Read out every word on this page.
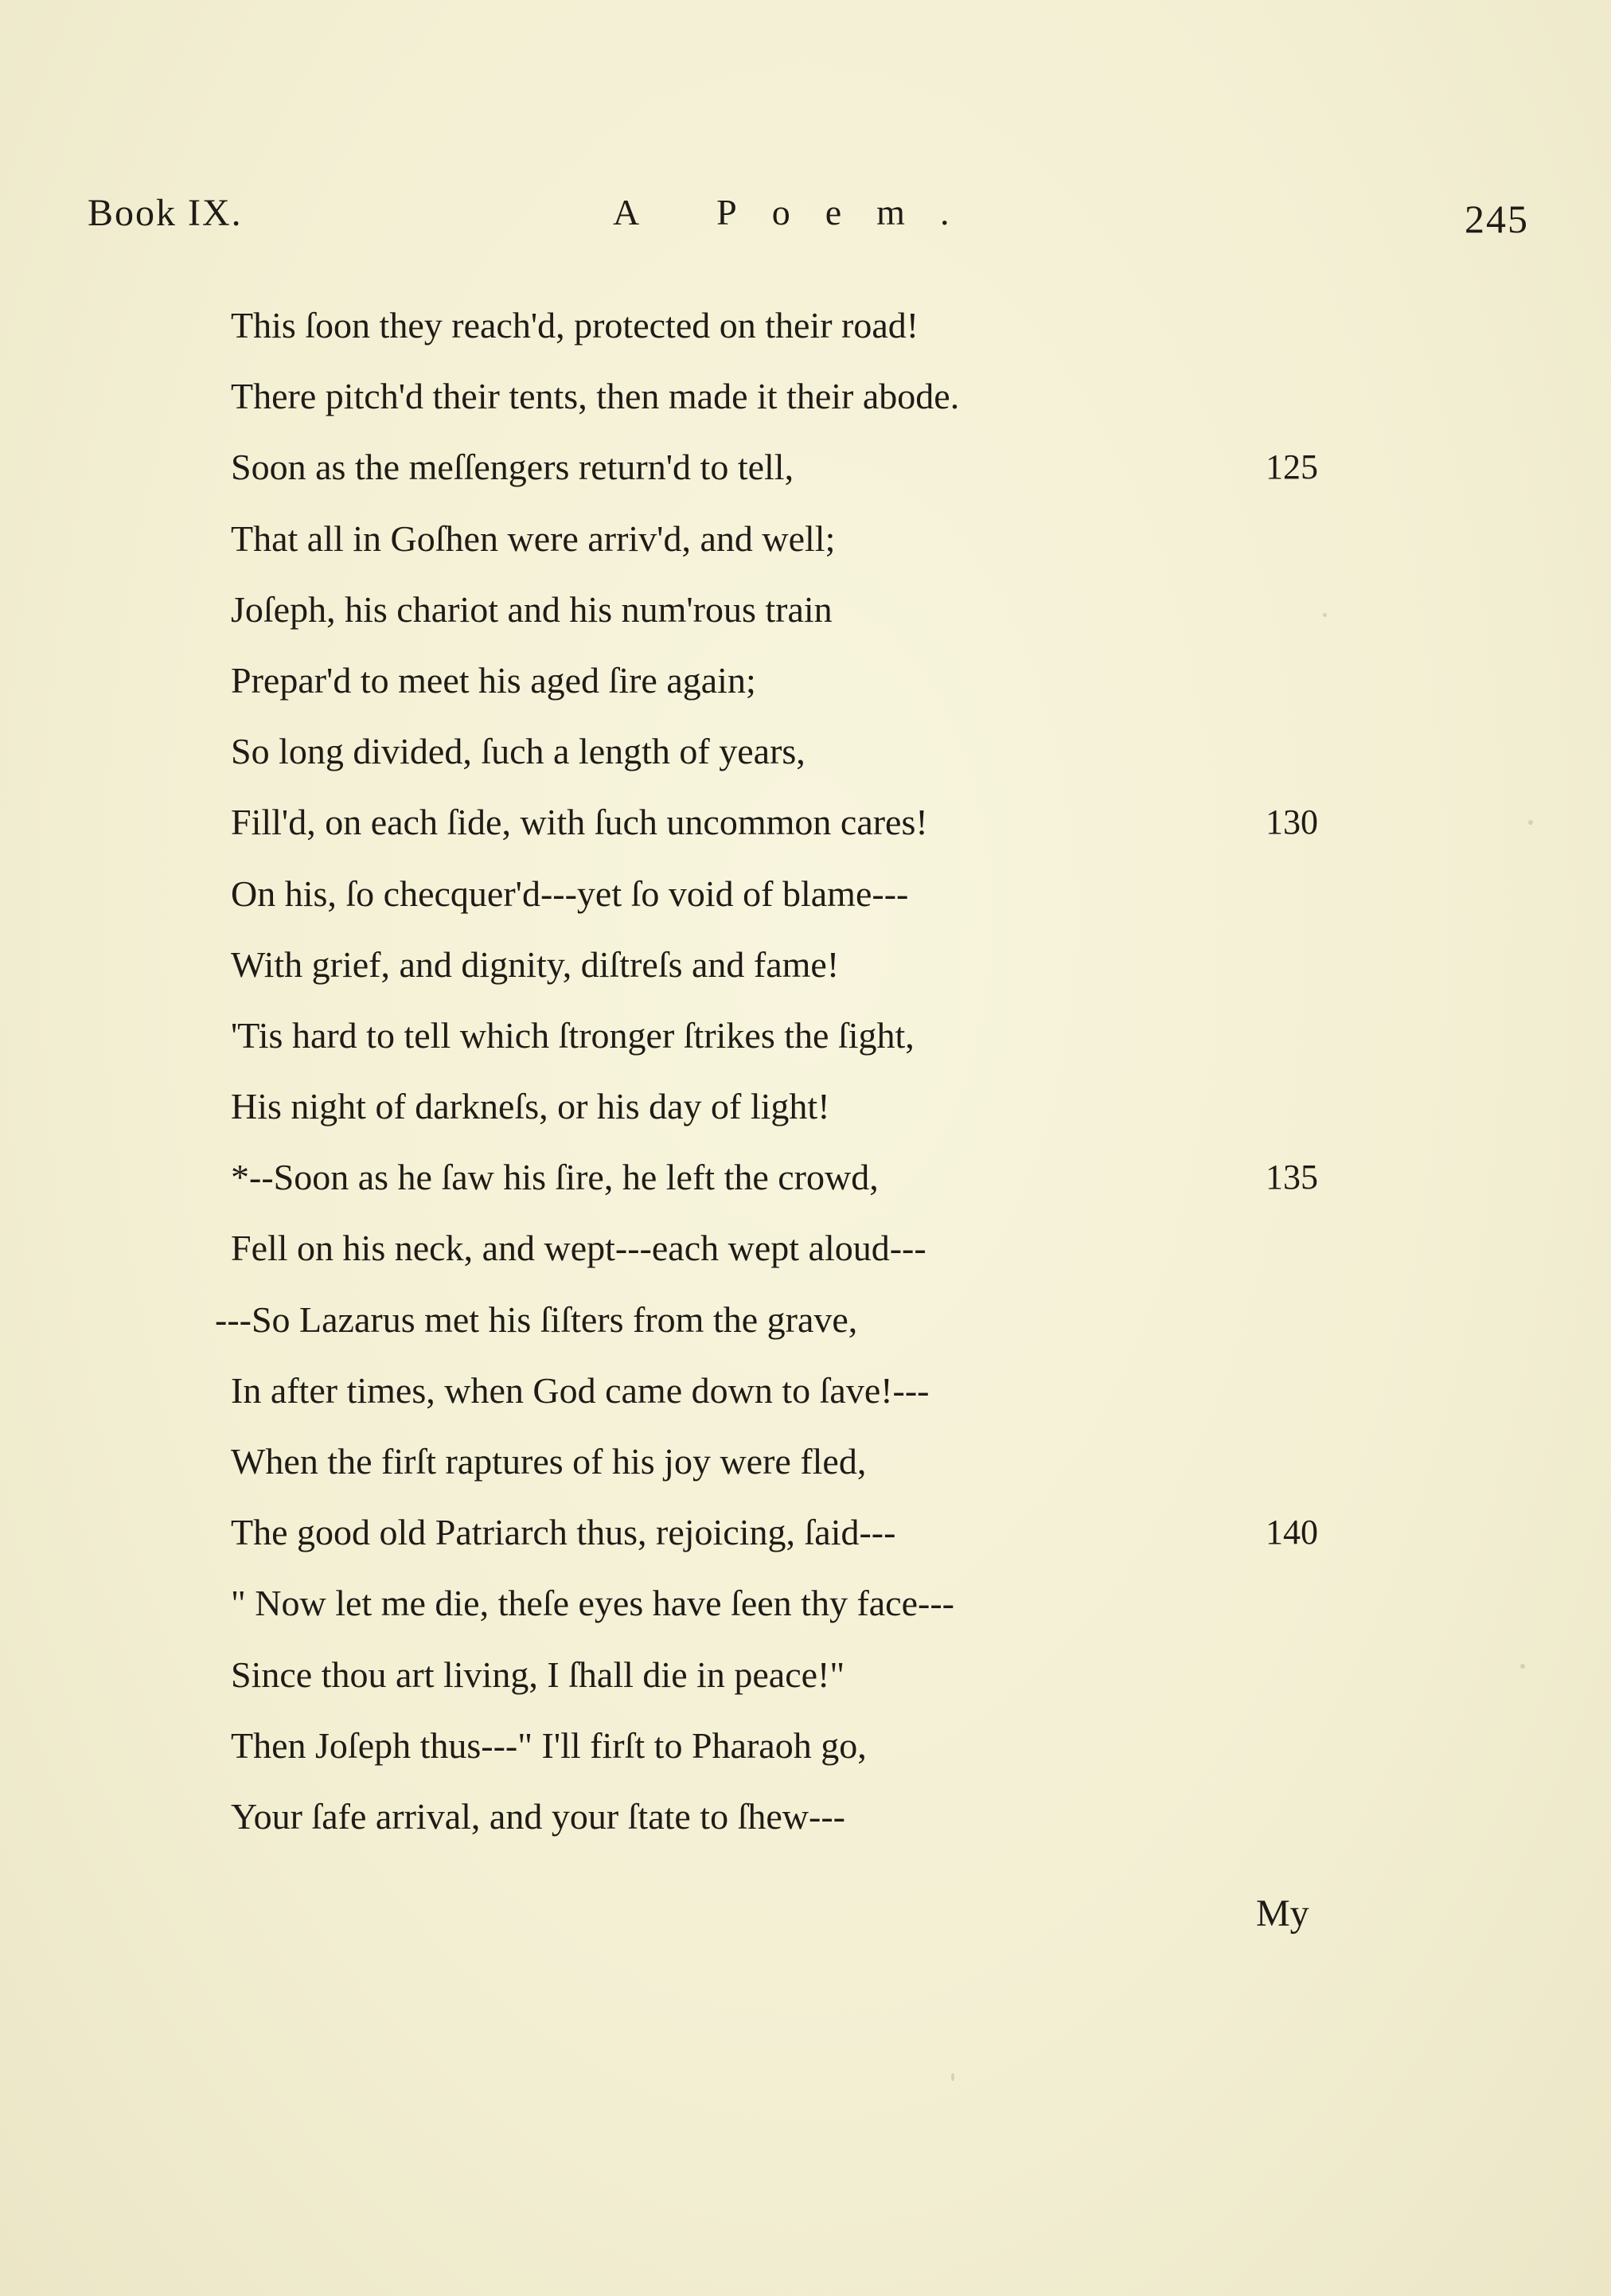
Book IX.	A Poem.	245
This ſoon they reach'd, protected on their road!
There pitch'd their tents, then made it their abode.
Soon as the meſſengers return'd to tell,	125
That all in Goſhen were arriv'd, and well;
Joſeph, his chariot and his num'rous train
Prepar'd to meet his aged ſire again;
So long divided, ſuch a length of years,
Fill'd, on each ſide, with ſuch uncommon cares!	130
On his, ſo checquer'd---yet ſo void of blame---
With grief, and dignity, diſtreſs and fame!
'Tis hard to tell which ſtronger ſtrikes the ſight,
His night of darkneſs, or his day of light!
*--Soon as he ſaw his ſire, he left the crowd,	135
Fell on his neck, and wept---each wept aloud---
---So Lazarus met his ſiſters from the grave,
In after times, when God came down to ſave!---
When the firſt raptures of his joy were fled,
The good old Patriarch thus, rejoicing, ſaid---	140
" Now let me die, theſe eyes have ſeen thy face---
Since thou art living, I ſhall die in peace!"
Then Joſeph thus---" I'll firſt to Pharaoh go,
Your ſafe arrival, and your ſtate to ſhew---
My
